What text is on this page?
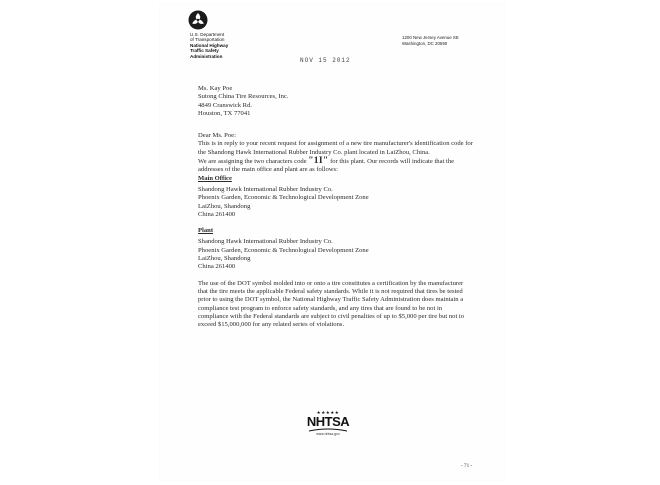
U.S. Department
of Transportation
National Highway
Traffic Safety
Administration
1200 New Jersey Avenue SE
Washington, DC 20590
NOV 15 2012
Ms. Kay Poe
Sutong China Tire Resources, Inc.
4849 Cranswick Rd.
Houston, TX 77041

Dear Ms. Poe:

This is in reply to your recent request for assignment of a new tire manufacturer's identification code for the Shandong Hawk International Rubber Industry Co. plant located in LaiZhou, China.

We are assigning the two characters code "1I" for this plant. Our records will indicate that the addresses of the main office and plant are as follows:

Main Office
Shandong Hawk International Rubber Industry Co.
Phoenix Garden, Economic & Technological Development Zone
LaiZhou, Shandong
China 261400
Plant
Shandong Hawk International Rubber Industry Co.
Phoenix Garden, Economic & Technological Development Zone
LaiZhou, Shandong
China 261400

The use of the DOT symbol molded into or onto a tire constitutes a certification by the manufacturer that the tire meets the applicable Federal safety standards. While it is not required that tires be tested prior to using the DOT symbol, the National Highway Traffic Safety Administration does maintain a compliance test program to enforce safety standards, and any tires that are found to be not in compliance with the Federal standards are subject to civil penalties of up to $5,000 per tire but not to exceed $15,000,000 for any related series of violations.

★★★★★
NHTSA
www.nhtsa.gov
- 71 -
